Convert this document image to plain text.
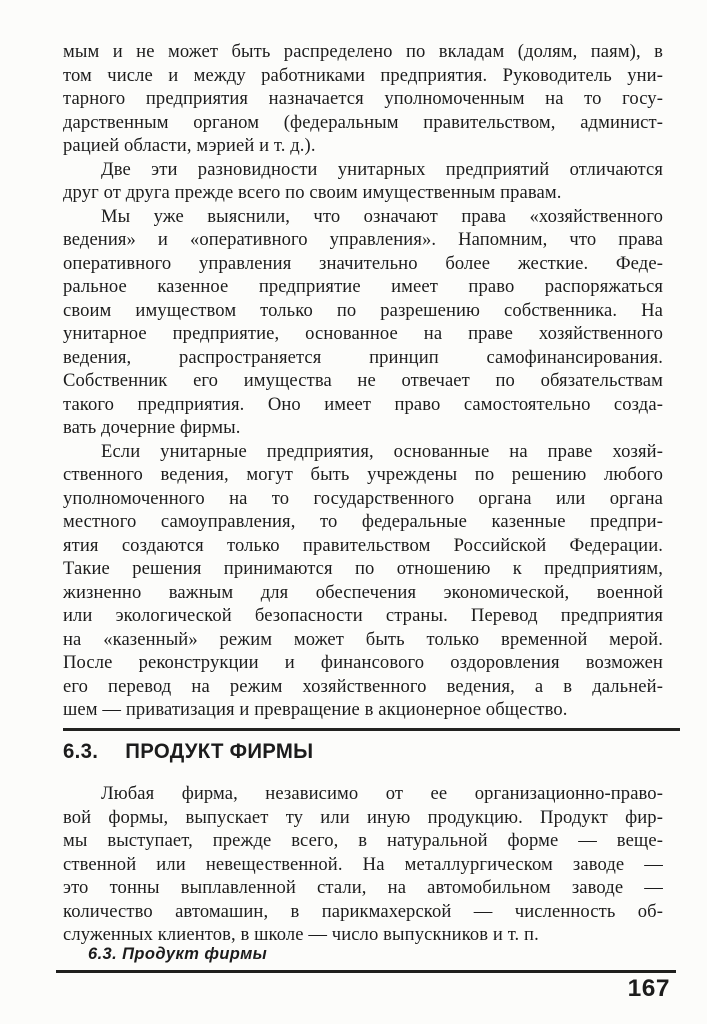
мым и не может быть распределено по вкладам (долям, паям), в
том числе и между работниками предприятия. Руководитель уни-
тарного предприятия назначается уполномоченным на то госу-
дарственным органом (федеральным правительством, админист-
рацией области, мэрией и т. д.).
Две эти разновидности унитарных предприятий отличаются
друг от друга прежде всего по своим имущественным правам.
Мы уже выяснили, что означают права «хозяйственного
ведения» и «оперативного управления». Напомним, что права
оперативного управления значительно более жесткие. Феде-
ральное казенное предприятие имеет право распоряжаться
своим имуществом только по разрешению собственника. На
унитарное предприятие, основанное на праве хозяйственного
ведения, распространяется принцип самофинансирования.
Собственник его имущества не отвечает по обязательствам
такого предприятия. Оно имеет право самостоятельно созда-
вать дочерние фирмы.
Если унитарные предприятия, основанные на праве хозяй-
ственного ведения, могут быть учреждены по решению любого
уполномоченного на то государственного органа или органа
местного самоуправления, то федеральные казенные предпри-
ятия создаются только правительством Российской Федерации.
Такие решения принимаются по отношению к предприятиям,
жизненно важным для обеспечения экономической, военной
или экологической безопасности страны. Перевод предприятия
на «казенный» режим может быть только временной мерой.
После реконструкции и финансового оздоровления возможен
его перевод на режим хозяйственного ведения, а в дальней-
шем — приватизация и превращение в акционерное общество.
6.3. ПРОДУКТ ФИРМЫ
Любая фирма, независимо от ее организационно-право-
вой формы, выпускает ту или иную продукцию. Продукт фир-
мы выступает, прежде всего, в натуральной форме — веще-
ственной или невещественной. На металлургическом заводе —
это тонны выплавленной стали, на автомобильном заводе —
количество автомашин, в парикмахерской — численность об-
служенных клиентов, в школе — число выпускников и т. п.
6.3. Продукт фирмы
167
